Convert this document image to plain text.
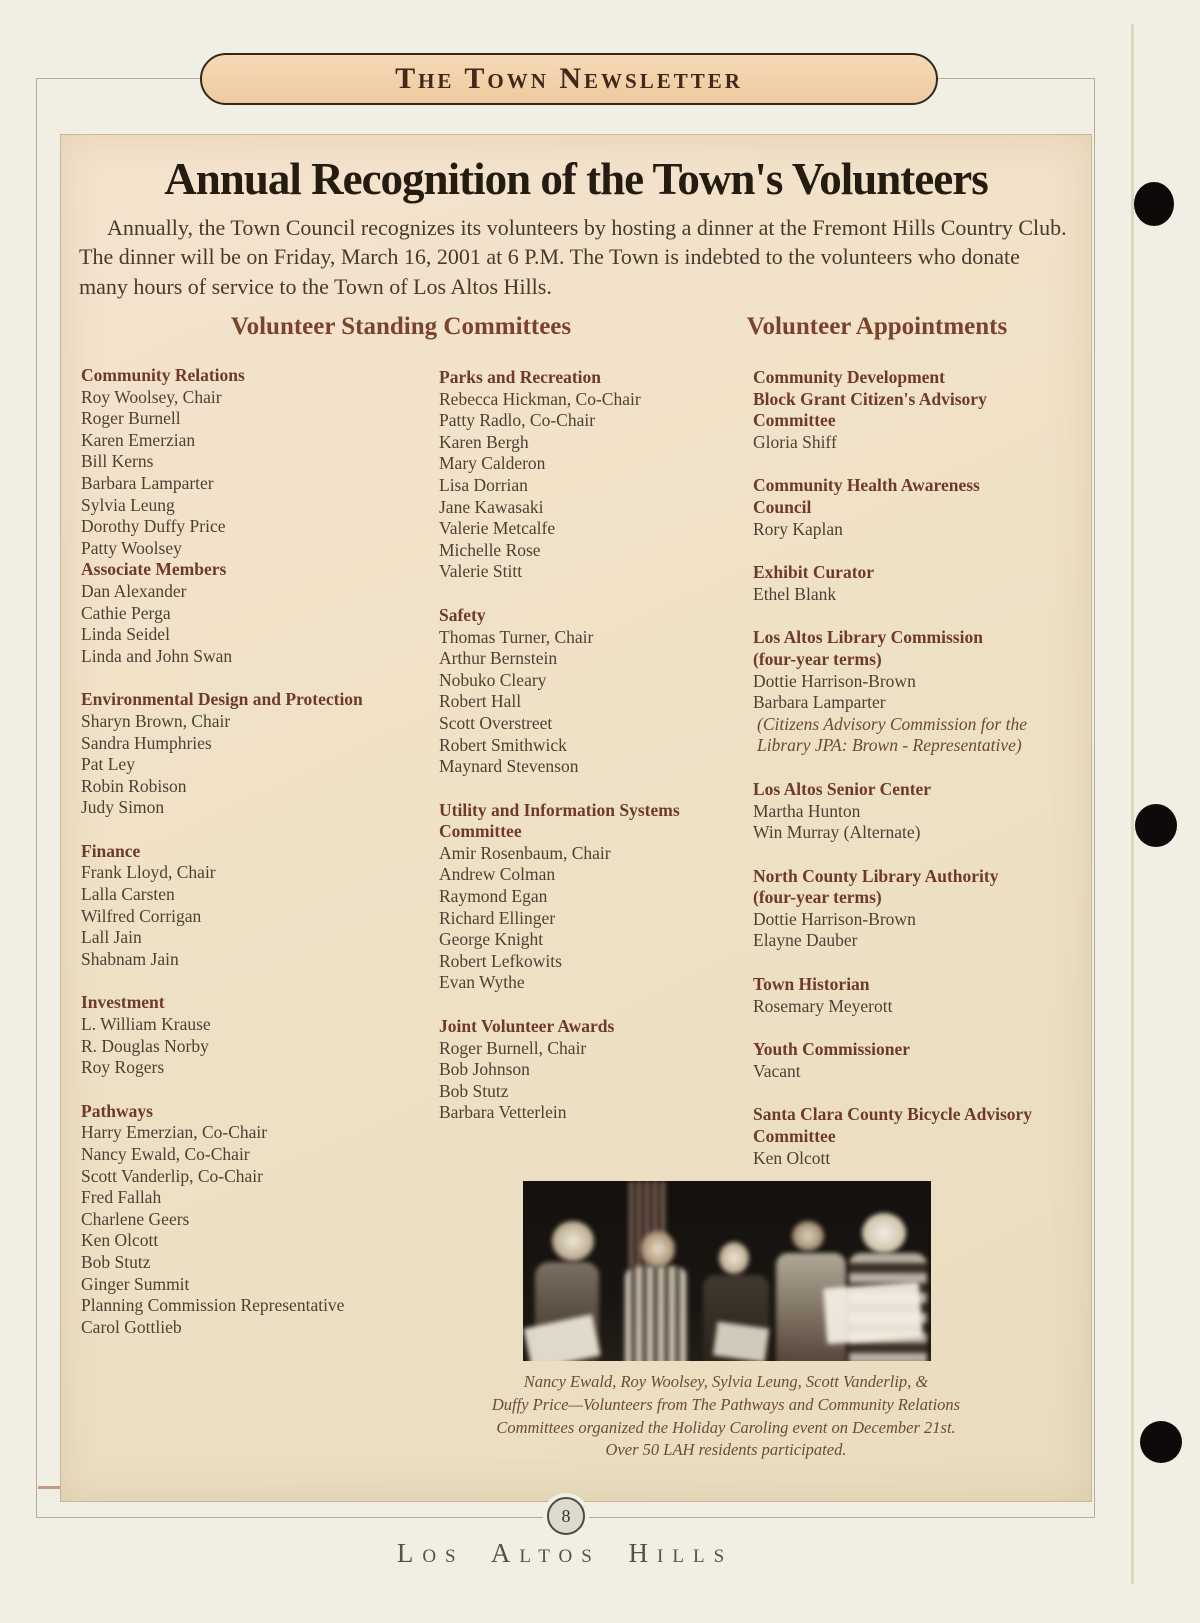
The Town Newsletter
Annual Recognition of the Town's Volunteers

Annually, the Town Council recognizes its volunteers by hosting a dinner at the Fremont Hills Country Club. The dinner will be on Friday, March 16, 2001 at 6 P.M. The Town is indebted to the volunteers who donate many hours of service to the Town of Los Altos Hills.

Volunteer Standing Committees	Volunteer Appointments
Community Relations
Roy Woolsey, Chair
Roger Burnell
Karen Emerzian
Bill Kerns
Barbara Lamparter
Sylvia Leung
Dorothy Duffy Price
Patty Woolsey
Associate Members
Dan Alexander
Cathie Perga
Linda Seidel
Linda and John Swan
Environmental Design and Protection
Sharyn Brown, Chair
Sandra Humphries
Pat Ley
Robin Robison
Judy Simon
Finance
Frank Lloyd, Chair
Lalla Carsten
Wilfred Corrigan
Lall Jain
Shabnam Jain
Investment
L. William Krause
R. Douglas Norby
Roy Rogers
Pathways
Harry Emerzian, Co-Chair
Nancy Ewald, Co-Chair
Scott Vanderlip, Co-Chair
Fred Fallah
Charlene Geers
Ken Olcott
Bob Stutz
Ginger Summit
Planning Commission Representative
Carol Gottlieb
Parks and Recreation
Rebecca Hickman, Co-Chair
Patty Radlo, Co-Chair
Karen Bergh
Mary Calderon
Lisa Dorrian
Jane Kawasaki
Valerie Metcalfe
Michelle Rose
Valerie Stitt
Safety
Thomas Turner, Chair
Arthur Bernstein
Nobuko Cleary
Robert Hall
Scott Overstreet
Robert Smithwick
Maynard Stevenson
Utility and Information Systems
Committee
Amir Rosenbaum, Chair
Andrew Colman
Raymond Egan
Richard Ellinger
George Knight
Robert Lefkowits
Evan Wythe
Joint Volunteer Awards
Roger Burnell, Chair
Bob Johnson
Bob Stutz
Barbara Vetterlein
Community Development
Block Grant Citizen's Advisory
Committee
Gloria Shiff
Community Health Awareness
Council
Rory Kaplan
Exhibit Curator
Ethel Blank
Los Altos Library Commission
(four-year terms)
Dottie Harrison-Brown
Barbara Lamparter
(Citizens Advisory Commission for the
Library JPA: Brown - Representative)
Los Altos Senior Center
Martha Hunton
Win Murray (Alternate)
North County Library Authority
(four-year terms)
Dottie Harrison-Brown
Elayne Dauber
Town Historian
Rosemary Meyerott
Youth Commissioner
Vacant
Santa Clara County Bicycle Advisory
Committee
Ken Olcott
Nancy Ewald, Roy Woolsey, Sylvia Leung, Scott Vanderlip, &
Duffy Price—Volunteers from The Pathways and Community Relations
Committees organized the Holiday Caroling event on December 21st.
Over 50 LAH residents participated.
8
Los Altos Hills
